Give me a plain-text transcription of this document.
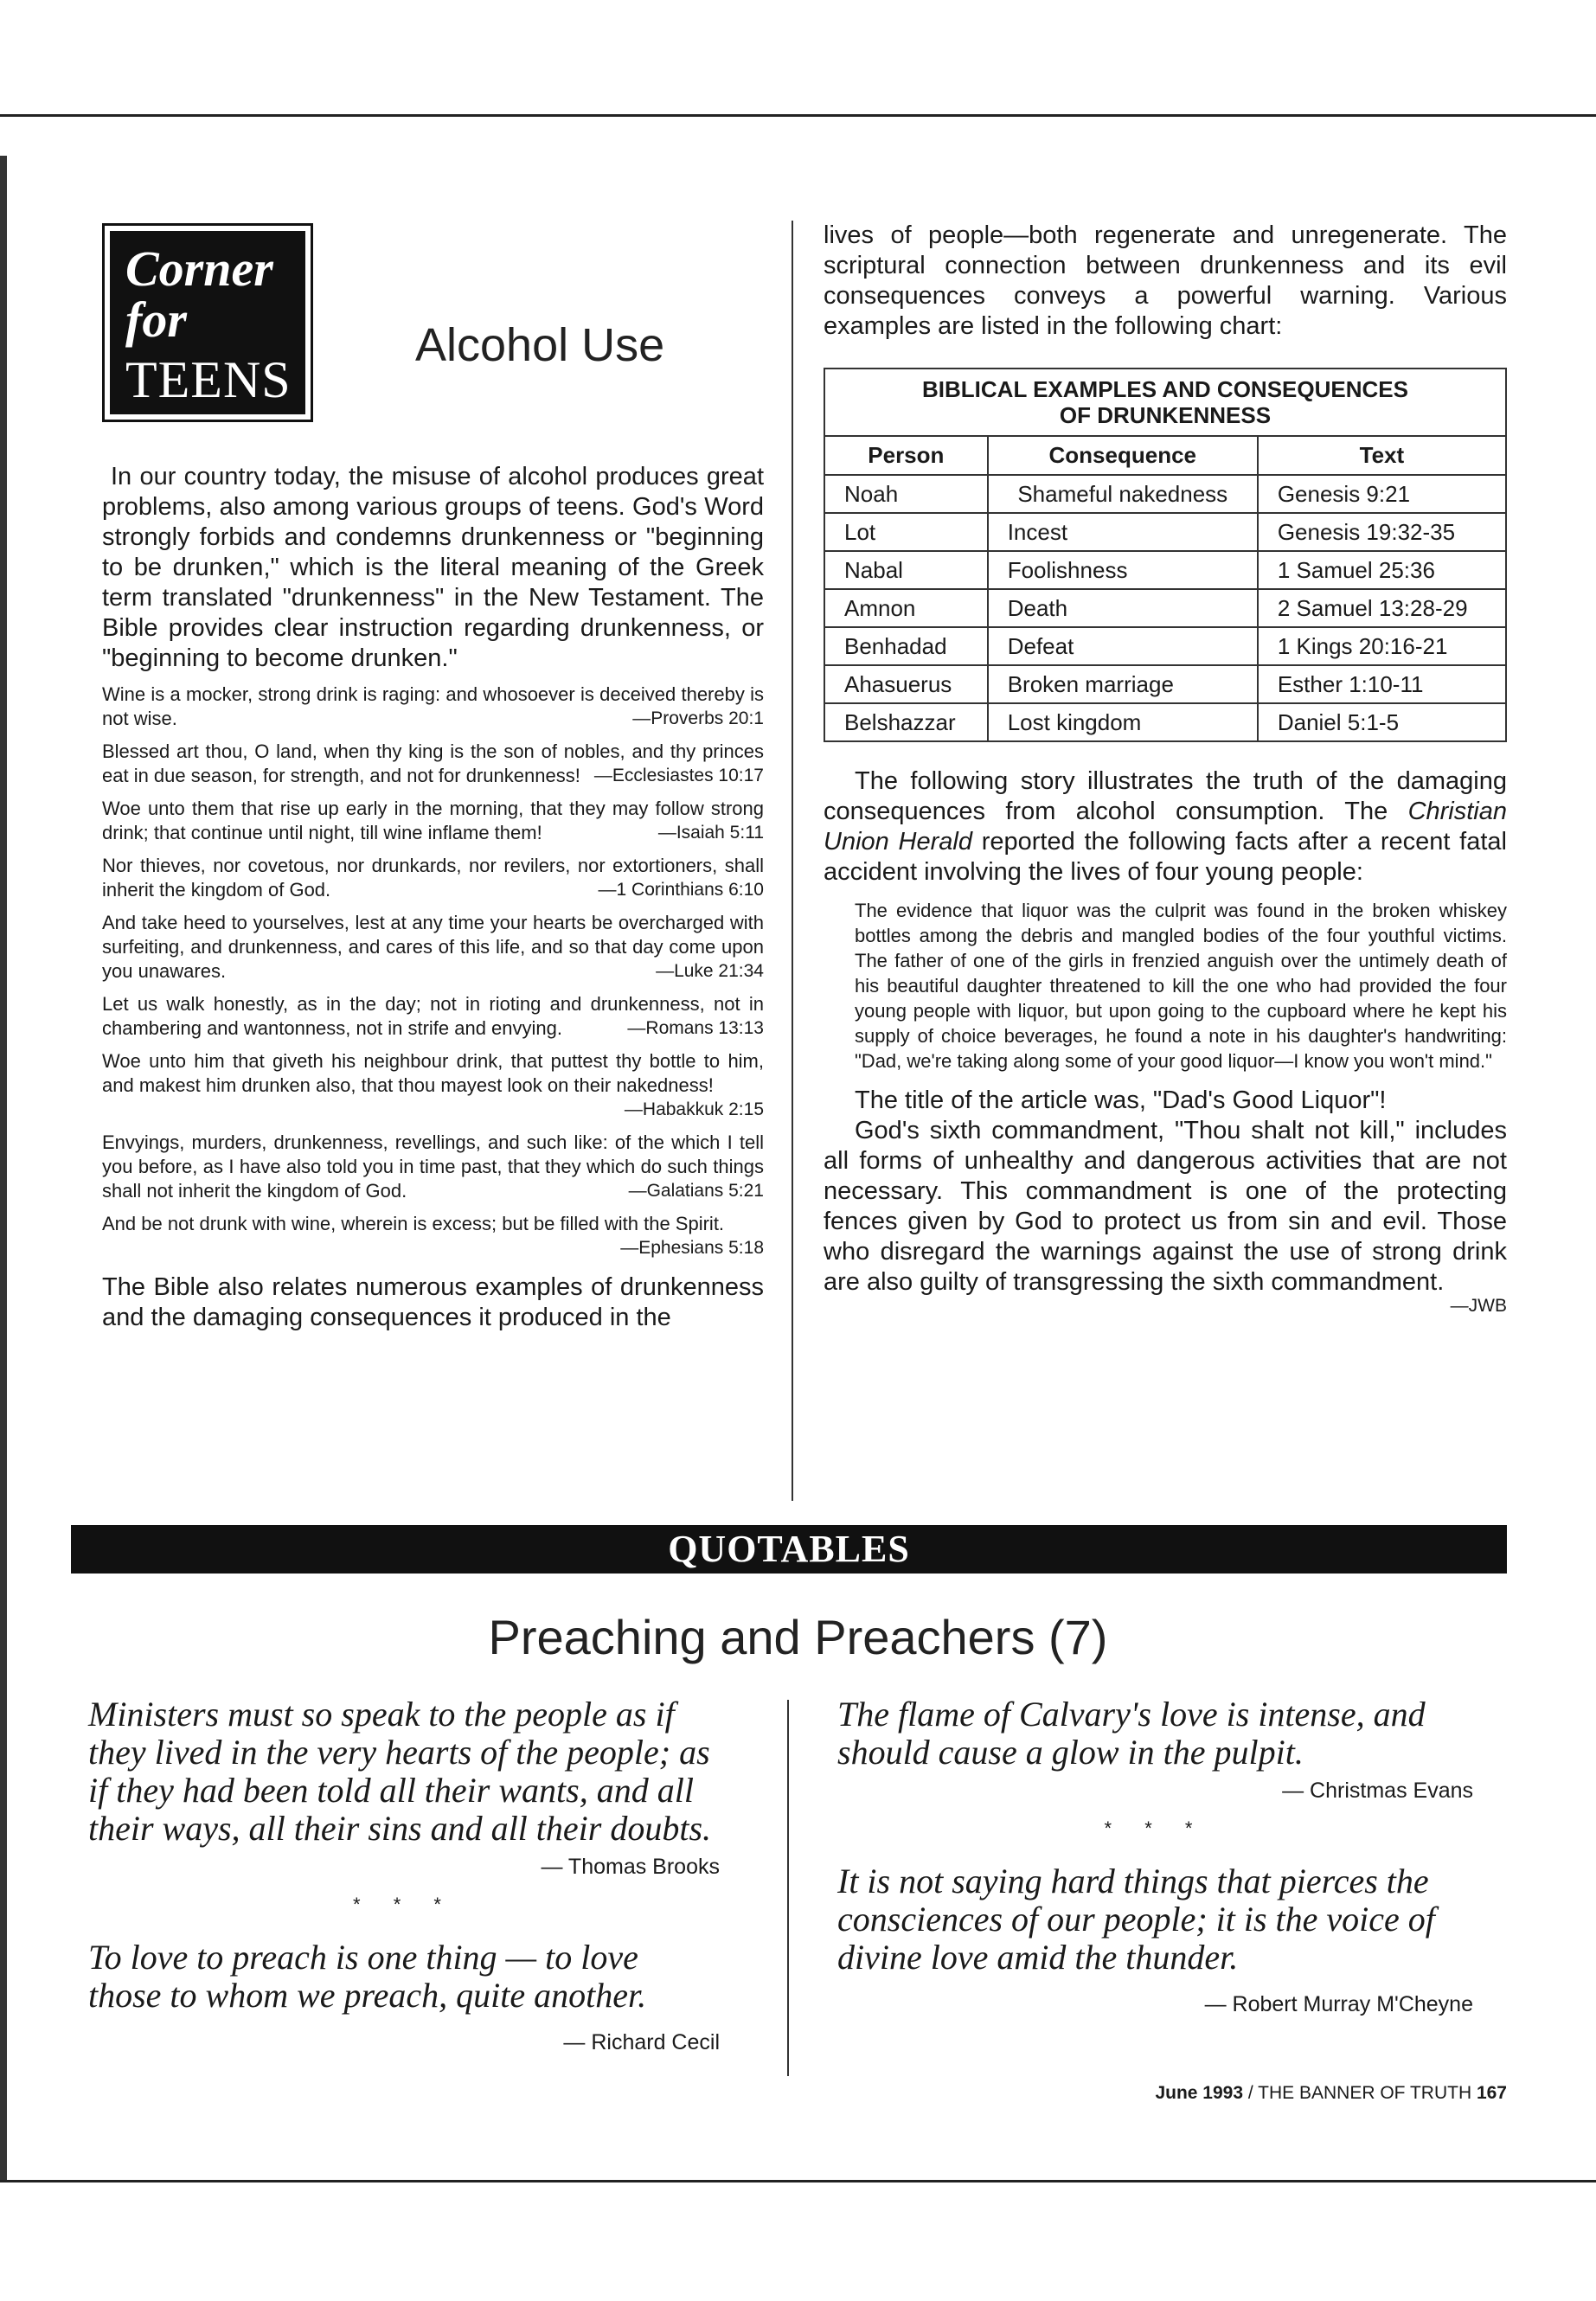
Corner
for
TEENS
Alcohol Use

In our country today, the misuse of alcohol produces great problems, also among various groups of teens. God's Word strongly forbids and condemns drunkenness or "beginning to be drunken," which is the literal meaning of the Greek term translated "drunkenness" in the New Testament. The Bible provides clear instruction regarding drunkenness, or "beginning to become drunken."

Wine is a mocker, strong drink is raging: and whosoever is deceived thereby is not wise.	—Proverbs 20:1
Blessed art thou, O land, when thy king is the son of nobles, and thy princes eat in due season, for strength, and not for drunkenness! —Ecclesiastes 10:17
Woe unto them that rise up early in the morning, that they may follow strong drink; that continue until night, till wine inflame them!	—Isaiah 5:11
Nor thieves, nor covetous, nor drunkards, nor revilers, nor extortioners, shall inherit the kingdom of God.	—1 Corinthians 6:10
And take heed to yourselves, lest at any time your hearts be overcharged with surfeiting, and drunkenness, and cares of this life, and so that day come upon you unawares.	—Luke 21:34
Let us walk honestly, as in the day; not in rioting and drunkenness, not in chambering and wantonness, not in strife and envying.	—Romans 13:13
Woe unto him that giveth his neighbour drink, that puttest thy bottle to him, and makest him drunken also, that thou mayest look on their nakedness!
—Habakkuk 2:15
Envyings, murders, drunkenness, revellings, and such like: of the which I tell you before, as I have also told you in time past, that they which do such things shall not inherit the kingdom of God.	—Galatians 5:21
And be not drunk with wine, wherein is excess; but be filled with the Spirit.
—Ephesians 5:18

The Bible also relates numerous examples of drunkenness and the damaging consequences it produced in the

lives of people—both regenerate and unregenerate. The scriptural connection between drunkenness and its evil consequences conveys a powerful warning. Various examples are listed in the following chart:

BIBLICAL EXAMPLES AND CONSEQUENCES
OF DRUNKENNESS		
Person	Consequence	Text
Noah	Shameful nakedness	Genesis 9:21
Lot	Incest	Genesis 19:32-35
Nabal	Foolishness	1 Samuel 25:36
Amnon	Death	2 Samuel 13:28-29
Benhadad	Defeat	1 Kings 20:16-21
Ahasuerus	Broken marriage	Esther 1:10-11
Belshazzar	Lost kingdom	Daniel 5:1-5

The following story illustrates the truth of the damaging consequences from alcohol consumption. The Christian Union Herald reported the following facts after a recent fatal accident involving the lives of four young people:

The evidence that liquor was the culprit was found in the broken whiskey bottles among the debris and mangled bodies of the four youthful victims. The father of one of the girls in frenzied anguish over the untimely death of his beautiful daughter threatened to kill the one who had provided the four young people with liquor, but upon going to the cupboard where he kept his supply of choice beverages, he found a note in his daughter's handwriting: "Dad, we're taking along some of your good liquor—I know you won't mind."

The title of the article was, "Dad's Good Liquor"!

God's sixth commandment, "Thou shalt not kill," includes all forms of unhealthy and dangerous activities that are not necessary. This commandment is one of the protecting fences given by God to protect us from sin and evil. Those who disregard the warnings against the use of strong drink are also guilty of transgressing the sixth commandment.

—JWB
QUOTABLES
Preaching and Preachers (7)

Ministers must so speak to the people as if they lived in the very hearts of the people; as if they had been told all their wants, and all their ways, all their sins and all their doubts.

— Thomas Brooks
* * *

To love to preach is one thing — to love those to whom we preach, quite another.

— Richard Cecil

The flame of Calvary's love is intense, and should cause a glow in the pulpit.

— Christmas Evans
* * *

It is not saying hard things that pierces the consciences of our people; it is the voice of divine love amid the thunder.

— Robert Murray M'Cheyne
June 1993 / THE BANNER OF TRUTH 167
